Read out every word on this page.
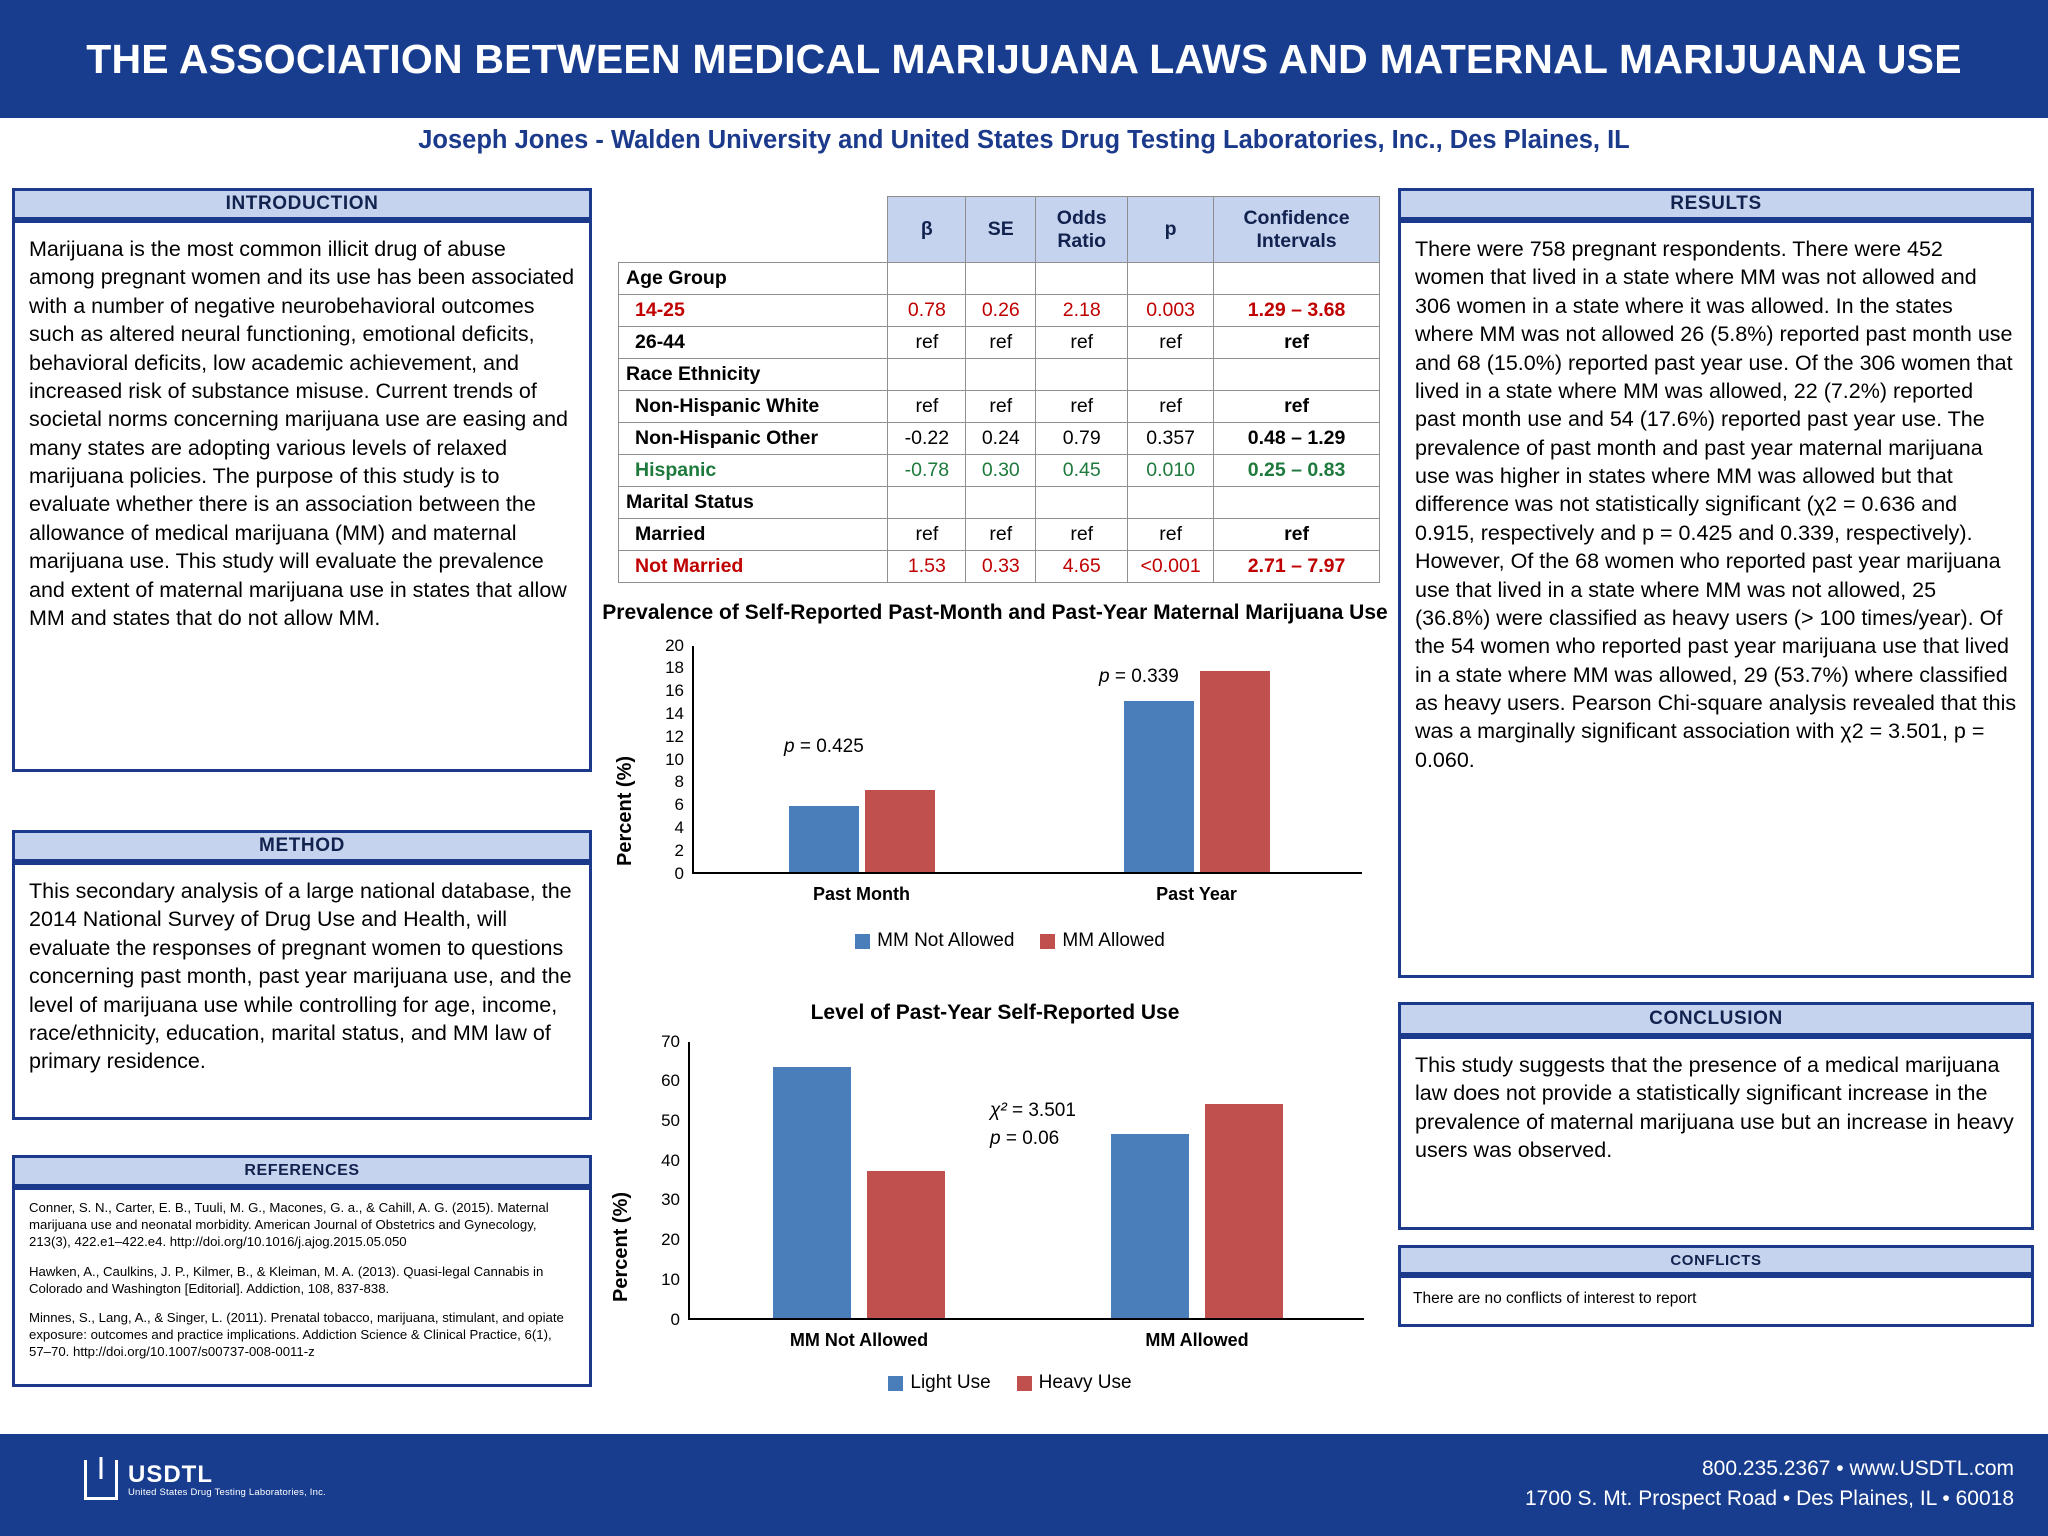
THE ASSOCIATION BETWEEN MEDICAL MARIJUANA LAWS AND MATERNAL MARIJUANA USE
Joseph Jones - Walden University and United States Drug Testing Laboratories, Inc., Des Plaines, IL
INTRODUCTION
Marijuana is the most common illicit drug of abuse among pregnant women and its use has been associated with a number of negative neurobehavioral outcomes such as altered neural functioning, emotional deficits, behavioral deficits, low academic achievement, and increased risk of substance misuse. Current trends of societal norms concerning marijuana use are easing and many states are adopting various levels of relaxed marijuana policies. The purpose of this study is to evaluate whether there is an association between the allowance of medical marijuana (MM) and maternal marijuana use. This study will evaluate the prevalence and extent of maternal marijuana use in states that allow MM and states that do not allow MM.
METHOD
This secondary analysis of a large national database, the 2014 National Survey of Drug Use and Health, will evaluate the responses of pregnant women to questions concerning past month, past year marijuana use, and the level of marijuana use while controlling for age, income, race/ethnicity, education, marital status, and MM law of primary residence.
REFERENCES

Conner, S. N., Carter, E. B., Tuuli, M. G., Macones, G. a., & Cahill, A. G. (2015). Maternal marijuana use and neonatal morbidity. American Journal of Obstetrics and Gynecology, 213(3), 422.e1–422.e4. http://doi.org/10.1016/j.ajog.2015.05.050

Hawken, A., Caulkins, J. P., Kilmer, B., & Kleiman, M. A. (2013). Quasi-legal Cannabis in Colorado and Washington [Editorial]. Addiction, 108, 837-838.

Minnes, S., Lang, A., & Singer, L. (2011). Prenatal tobacco, marijuana, stimulant, and opiate exposure: outcomes and practice implications. Addiction Science & Clinical Practice, 6(1), 57–70. http://doi.org/10.1007/s00737-008-0011-z

	β	SE	Odds Ratio	p	Confidence Intervals
Age Group					
14-25	0.78	0.26	2.18	0.003	1.29 – 3.68
26-44	ref	ref	ref	ref	ref
Race Ethnicity					
Non-Hispanic White	ref	ref	ref	ref	ref
Non-Hispanic Other	-0.22	0.24	0.79	0.357	0.48 – 1.29
Hispanic	-0.78	0.30	0.45	0.010	0.25 – 0.83
Marital Status					
Married	ref	ref	ref	ref	ref
Not Married	1.53	0.33	4.65	<0.001	2.71 – 7.97
Prevalence of Self-Reported Past-Month and Past-Year Maternal Marijuana Use
Percent (%)
0
2
4
6
8
10
12
14
16
18
20
Past Month	Past Year
p = 0.425
p = 0.339
MM Not Allowed	MM Allowed
Level of Past-Year Self-Reported Use
Percent (%)
0
10
20
30
40
50
60
70
MM Not Allowed	MM Allowed
χ² = 3.501
p = 0.06
Light Use	Heavy Use
RESULTS
There were 758 pregnant respondents. There were 452 women that lived in a state where MM was not allowed and 306 women in a state where it was allowed. In the states where MM was not allowed 26 (5.8%) reported past month use and 68 (15.0%) reported past year use. Of the 306 women that lived in a state where MM was allowed, 22 (7.2%) reported past month use and 54 (17.6%) reported past year use. The prevalence of past month and past year maternal marijuana use was higher in states where MM was allowed but that difference was not statistically significant (χ2 = 0.636 and 0.915, respectively and p = 0.425 and 0.339, respectively). However, Of the 68 women who reported past year marijuana use that lived in a state where MM was not allowed, 25 (36.8%) were classified as heavy users (> 100 times/year). Of the 54 women who reported past year marijuana use that lived in a state where MM was allowed, 29 (53.7%) where classified as heavy users. Pearson Chi-square analysis revealed that this was a marginally significant association with χ2 = 3.501, p = 0.060.
CONCLUSION
This study suggests that the presence of a medical marijuana law does not provide a statistically significant increase in the prevalence of maternal marijuana use but an increase in heavy users was observed.
CONFLICTS
There are no conflicts of interest to report
USDTL
United States Drug Testing Laboratories, Inc.
800.235.2367 • www.USDTL.com
1700 S. Mt. Prospect Road • Des Plaines, IL • 60018
